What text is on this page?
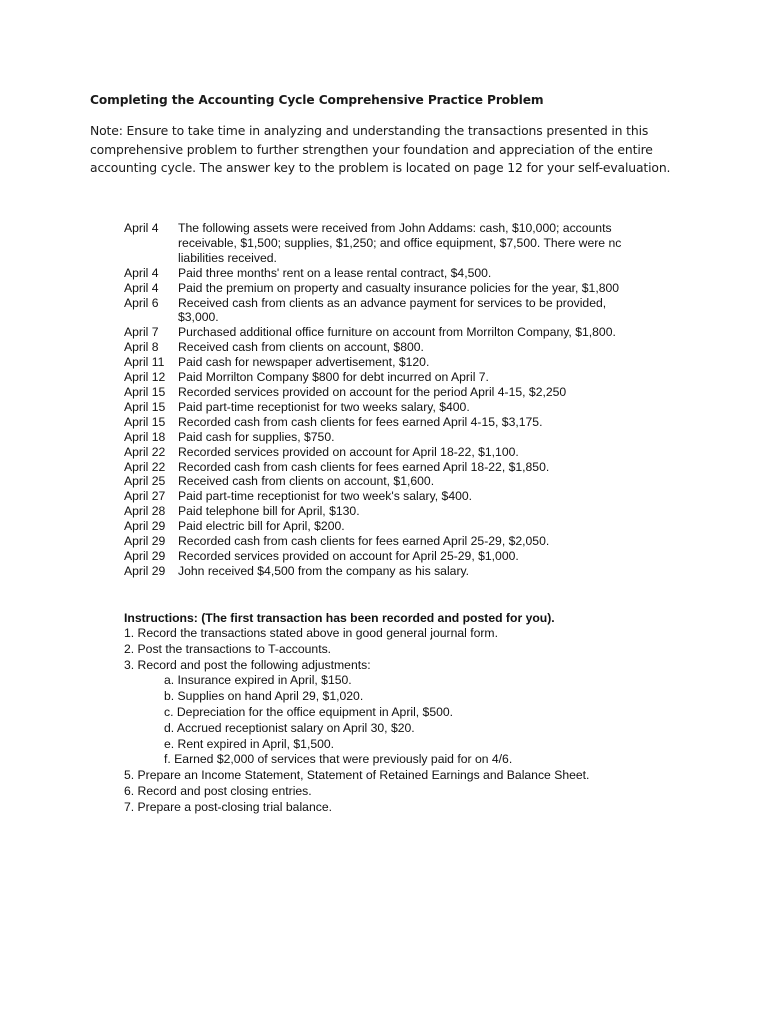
Completing the Accounting Cycle Comprehensive Practice Problem
Note: Ensure to take time in analyzing and understanding the transactions presented in this comprehensive problem to further strengthen your foundation and appreciation of the entire accounting cycle. The answer key to the problem is located on page 12 for your self-evaluation.
April 4	The following assets were received from John Addams: cash, $10,000; accounts
receivable, $1,500; supplies, $1,250; and office equipment, $7,500. There were nc
liabilities received.
April 4	Paid three months' rent on a lease rental contract, $4,500.
April 4	Paid the premium on property and casualty insurance policies for the year, $1,800
April 6	Received cash from clients as an advance payment for services to be provided,
$3,000.
April 7	Purchased additional office furniture on account from Morrilton Company, $1,800.
April 8	Received cash from clients on account, $800.
April 11	Paid cash for newspaper advertisement, $120.
April 12	Paid Morrilton Company $800 for debt incurred on April 7.
April 15	Recorded services provided on account for the period April 4-15, $2,250
April 15	Paid part-time receptionist for two weeks salary, $400.
April 15	Recorded cash from cash clients for fees earned April 4-15, $3,175.
April 18	Paid cash for supplies, $750.
April 22	Recorded services provided on account for April 18-22, $1,100.
April 22	Recorded cash from cash clients for fees earned April 18-22, $1,850.
April 25	Received cash from clients on account, $1,600.
April 27	Paid part-time receptionist for two week's salary, $400.
April 28	Paid telephone bill for April, $130.
April 29	Paid electric bill for April, $200.
April 29	Recorded cash from cash clients for fees earned April 25-29, $2,050.
April 29	Recorded services provided on account for April 25-29, $1,000.
April 29	John received $4,500 from the company as his salary.
Instructions: (The first transaction has been recorded and posted for you).
1. Record the transactions stated above in good general journal form.
2. Post the transactions to T-accounts.
3. Record and post the following adjustments:
a. Insurance expired in April, $150.
b. Supplies on hand April 29, $1,020.
c. Depreciation for the office equipment in April, $500.
d. Accrued receptionist salary on April 30, $20.
e. Rent expired in April, $1,500.
f. Earned $2,000 of services that were previously paid for on 4/6.
5. Prepare an Income Statement, Statement of Retained Earnings and Balance Sheet.
6. Record and post closing entries.
7. Prepare a post-closing trial balance.
